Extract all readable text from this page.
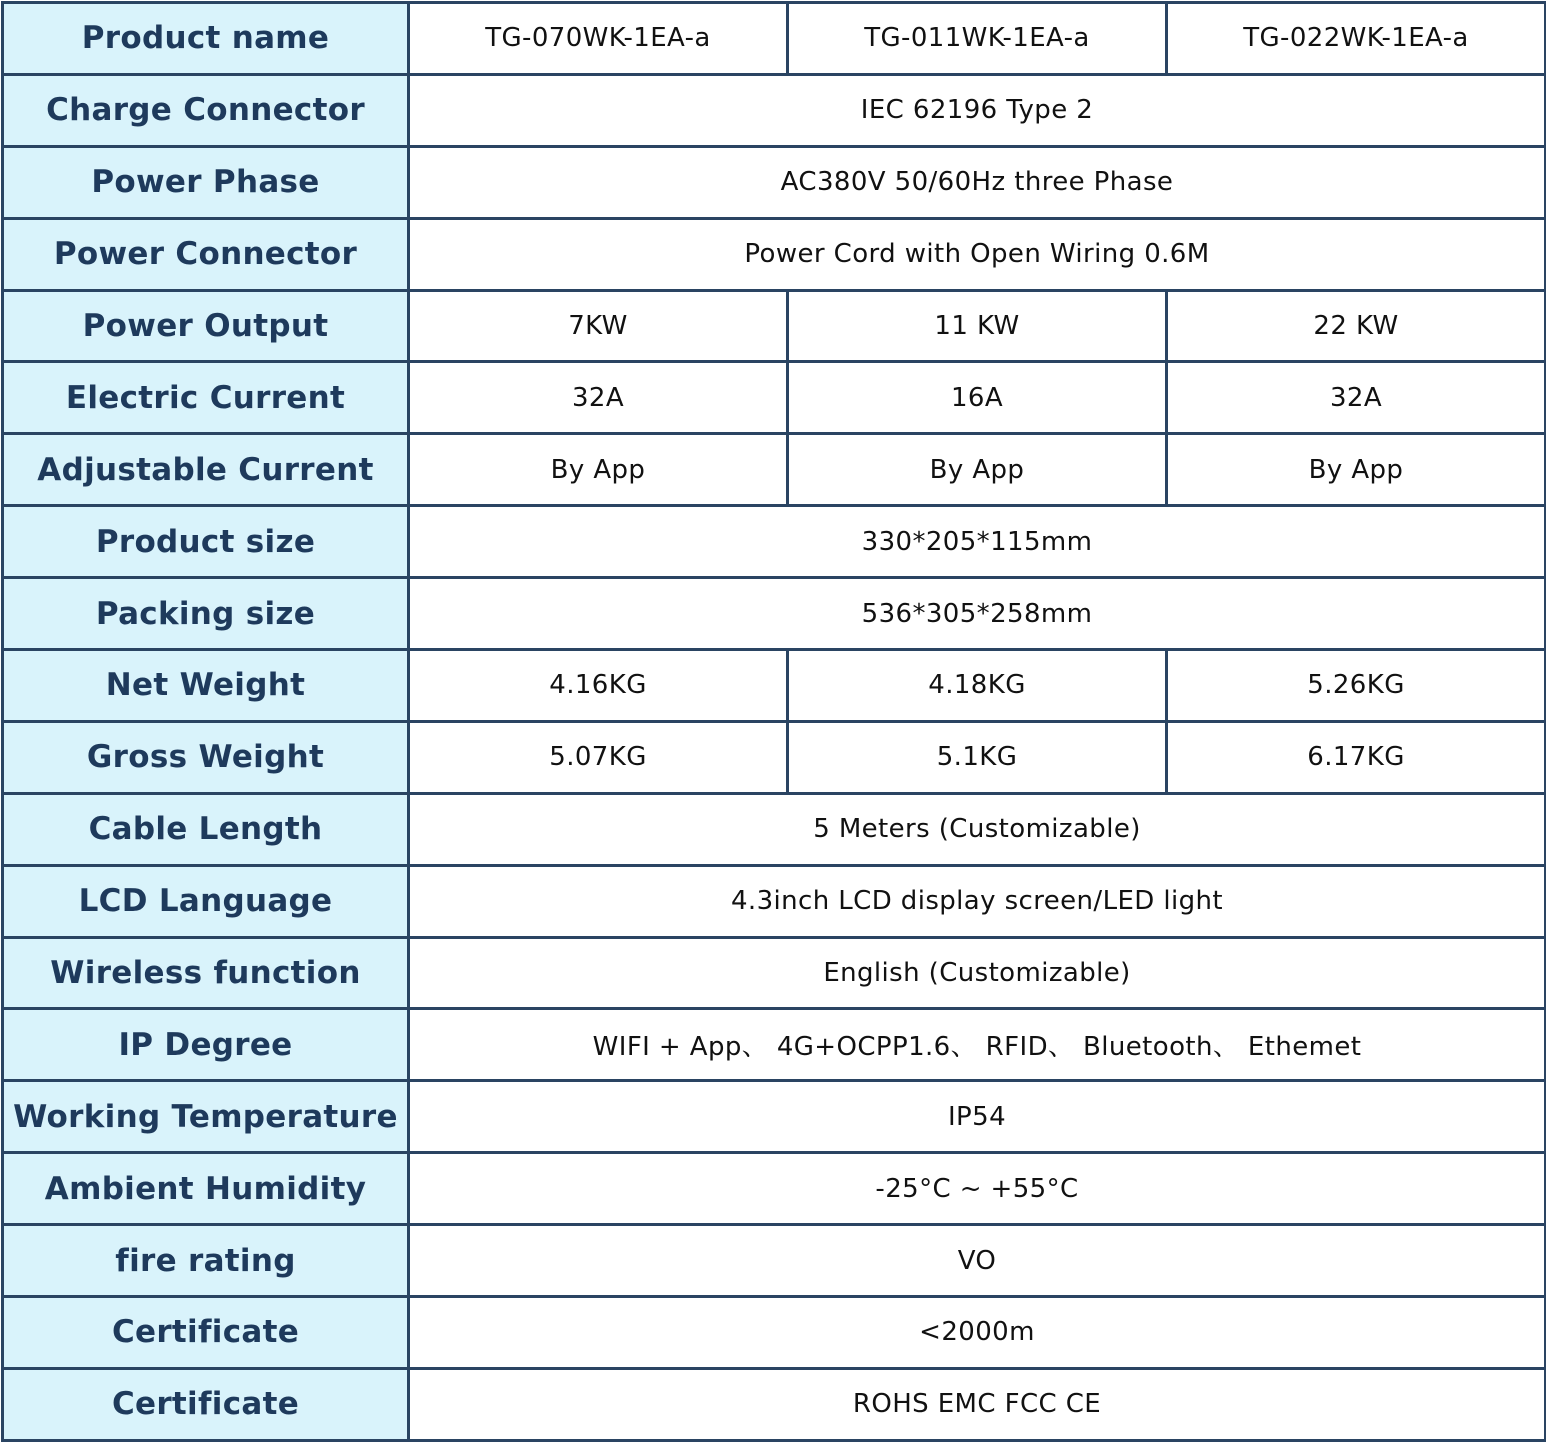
Product name	TG-070WK-1EA-a	TG-011WK-1EA-a	TG-022WK-1EA-a
Charge Connector	IEC 62196 Type 2		
Power Phase	AC380V 50/60Hz three Phase		
Power Connector	Power Cord with Open Wiring 0.6M		
Power Output	7KW	11 KW	22 KW
Electric Current	32A	16A	32A
Adjustable Current	By App	By App	By App
Product size	330*205*115mm		
Packing size	536*305*258mm		
Net Weight	4.16KG	4.18KG	5.26KG
Gross Weight	5.07KG	5.1KG	6.17KG
Cable Length	5 Meters (Customizable)		
LCD Language	4.3inch LCD display screen/LED light		
Wireless function	English (Customizable)		
IP Degree	WIFI + App、 4G+OCPP1.6、 RFID、 Bluetooth、 Ethemet		
Working Temperature	IP54		
Ambient Humidity	-25°C ~ +55°C		
fire rating	VO		
Certificate	<2000m		
Certificate	ROHS EMC FCC CE		
